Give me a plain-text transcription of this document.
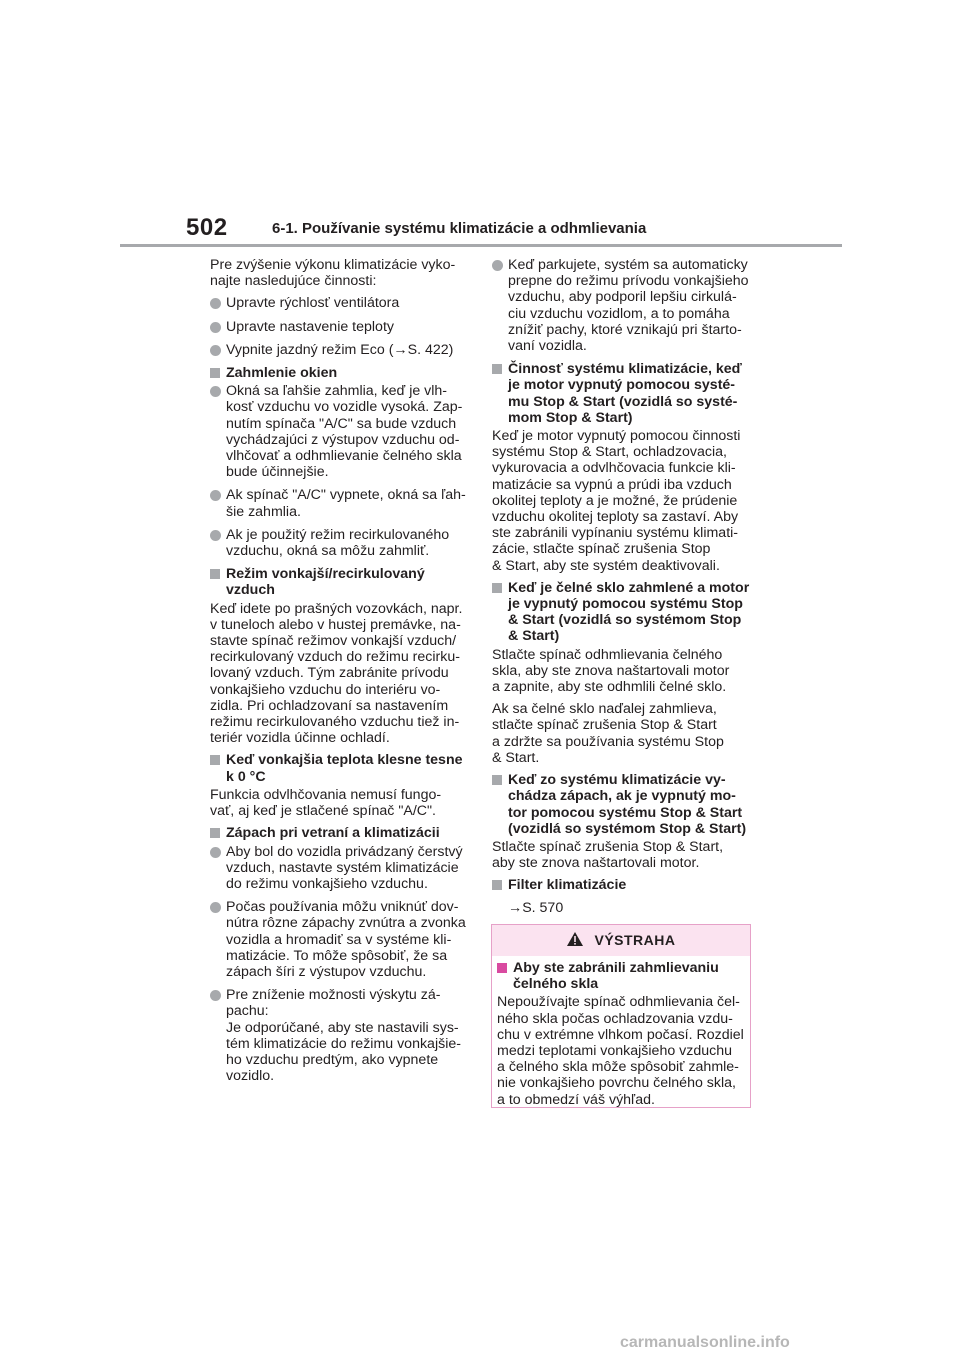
502	6-1. Používanie systému klimatizácie a odhmlievania

Pre zvýšenie výkonu klimatizácie vyko-
najte nasledujúce činnosti:

Upravte rýchlosť ventilátora
Upravte nastavenie teploty
Vypnite jazdný režim Eco (→S. 422)
Zahmlenie okien
Okná sa ľahšie zahmlia, keď je vlh-
kosť vzduchu vo vozidle vysoká. Zap-
nutím spínača "A/C" sa bude vzduch
vychádzajúci z výstupov vzduchu od-
vlhčovať a odhmlievanie čelného skla
bude účinnejšie.
Ak spínač "A/C" vypnete, okná sa ľah-
šie zahmlia.
Ak je použitý režim recirkulovaného
vzduchu, okná sa môžu zahmliť.
Režim vonkajší/recirkulovaný
vzduch

Keď idete po prašných vozovkách, napr.
v tuneloch alebo v hustej premávke, na-
stavte spínač režimov vonkajší vzduch/
recirkulovaný vzduch do režimu recirku-
lovaný vzduch. Tým zabránite prívodu
vonkajšieho vzduchu do interiéru vo-
zidla. Pri ochladzovaní sa nastavením
režimu recirkulovaného vzduchu tiež in-
teriér vozidla účinne ochladí.

Keď vonkajšia teplota klesne tesne
k 0 °C

Funkcia odvlhčovania nemusí fungo-
vať, aj keď je stlačené spínač "A/C".

Zápach pri vetraní a klimatizácii
Aby bol do vozidla privádzaný čerstvý
vzduch, nastavte systém klimatizácie
do režimu vonkajšieho vzduchu.
Počas používania môžu vniknúť dov-
nútra rôzne zápachy zvnútra a zvonka
vozidla a hromadiť sa v systéme kli-
matizácie. To môže spôsobiť, že sa
zápach šíri z výstupov vzduchu.
Pre zníženie možnosti výskytu zá-
pachu:
Je odporúčané, aby ste nastavili sys-
tém klimatizácie do režimu vonkajšie-
ho vzduchu predtým, ako vypnete
vozidlo.
Keď parkujete, systém sa automaticky
prepne do režimu prívodu vonkajšieho
vzduchu, aby podporil lepšiu cirkulá-
ciu vzduchu vozidlom, a to pomáha
znížiť pachy, ktoré vznikajú pri štarto-
vaní vozidla.
Činnosť systému klimatizácie, keď
je motor vypnutý pomocou systé-
mu Stop & Start (vozidlá so systé-
mom Stop & Start)

Keď je motor vypnutý pomocou činnosti
systému Stop & Start, ochladzovacia,
vykurovacia a odvlhčovacia funkcie kli-
matizácie sa vypnú a prúdi iba vzduch
okolitej teploty a je možné, že prúdenie
vzduchu okolitej teploty sa zastaví. Aby
ste zabránili vypínaniu systému klimati-
zácie, stlačte spínač zrušenia Stop
& Start, aby ste systém deaktivovali.

Keď je čelné sklo zahmlené a motor
je vypnutý pomocou systému Stop
& Start (vozidlá so systémom Stop
& Start)

Stlačte spínač odhmlievania čelného
skla, aby ste znova naštartovali motor
a zapnite, aby ste odhmlili čelné sklo.

Ak sa čelné sklo naďalej zahmlieva,
stlačte spínač zrušenia Stop & Start
a zdržte sa používania systému Stop
& Start.

Keď zo systému klimatizácie vy-
chádza zápach, ak je vypnutý mo-
tor pomocou systému Stop & Start
(vozidlá so systémom Stop & Start)

Stlačte spínač zrušenia Stop & Start,
aby ste znova naštartovali motor.

Filter klimatizácie

→S. 570

VÝSTRAHA
Aby ste zabránili zahmlievaniu
čelného skla

Nepoužívajte spínač odhmlievania čel-
ného skla počas ochladzovania vzdu-
chu v extrémne vlhkom počasí. Rozdiel
medzi teplotami vonkajšieho vzduchu
a čelného skla môže spôsobiť zahmle-
nie vonkajšieho povrchu čelného skla,
a to obmedzí váš výhľad.

carmanualsonline.info
